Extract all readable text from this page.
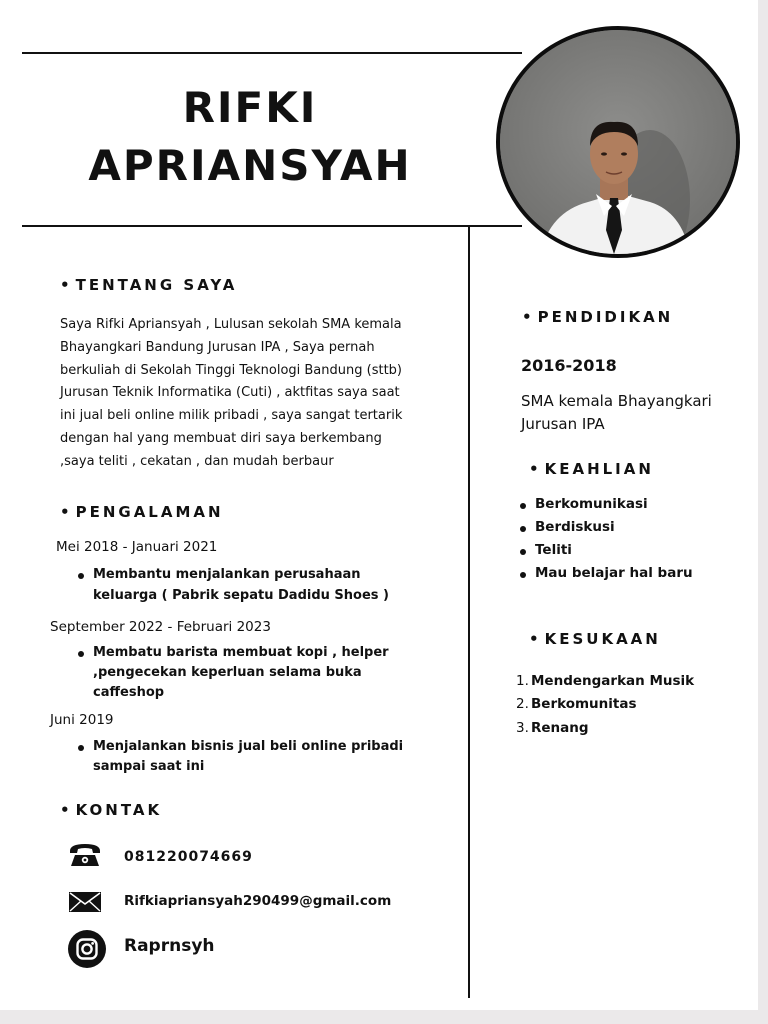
RIFKI
APRIANSYAH
• TENTANG SAYA
Saya Rifki Apriansyah , Lulusan sekolah SMA kemala
Bhayangkari Bandung Jurusan IPA , Saya pernah
berkuliah di Sekolah Tinggi Teknologi Bandung (sttb)
Jurusan Teknik Informatika (Cuti) , aktfitas saya saat
ini jual beli online milik pribadi , saya sangat tertarik
dengan hal yang membuat diri saya berkembang
,saya teliti , cekatan , dan mudah berbaur
• PENGALAMAN
Mei 2018 - Januari 2021
Membantu menjalankan perusahaan
keluarga ( Pabrik sepatu Dadidu Shoes )
September 2022 - Februari 2023
Membatu barista membuat kopi , helper
,pengecekan keperluan selama buka
caffeshop
Juni 2019
Menjalankan bisnis jual beli online pribadi
sampai saat ini
• KONTAK
081220074669
Rifkiapriansyah290499@gmail.com
Raprnsyh
• PENDIDIKAN
2016-2018
SMA kemala Bhayangkari
Jurusan IPA
• KEAHLIAN
Berkomunikasi
Berdiskusi
Teliti
Mau belajar hal baru
• KESUKAAN
1. Mendengarkan Musik
2. Berkomunitas
3. Renang
